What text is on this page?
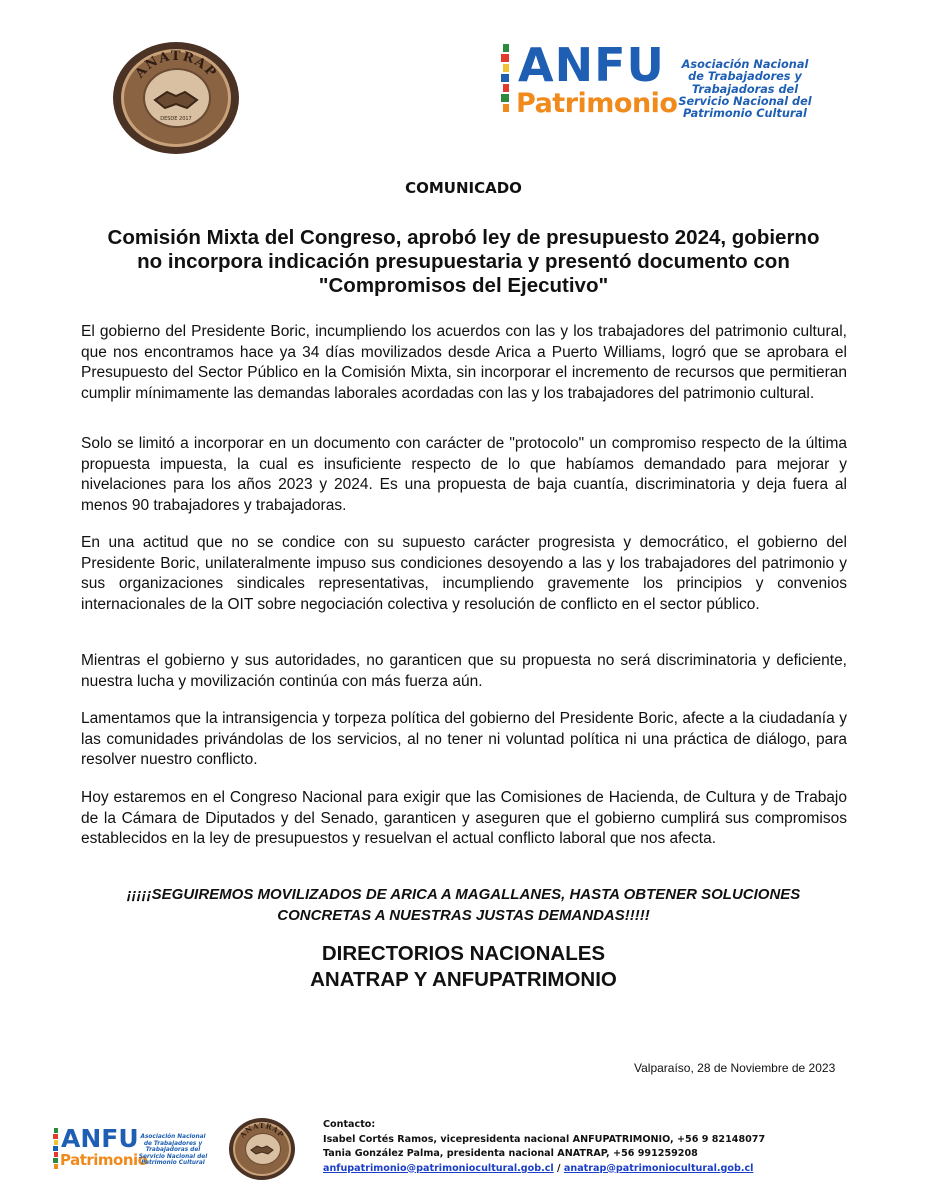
ANATRAP
DESDE 2017
ANFU
Patrimonio
Asociación Nacional
de Trabajadores y
Trabajadoras del
Servicio Nacional del
Patrimonio Cultural
COMUNICADO
Comisión Mixta del Congreso, aprobó ley de presupuesto 2024, gobierno
no incorpora indicación presupuestaria y presentó documento con
"Compromisos del Ejecutivo"
El gobierno del Presidente Boric, incumpliendo los acuerdos con las y los trabajadores del patrimonio cultural, que nos encontramos hace ya 34 días movilizados desde Arica a Puerto Williams, logró que se aprobara el Presupuesto del Sector Público en la Comisión Mixta, sin incorporar el incremento de recursos que permitieran cumplir mínimamente las demandas laborales acordadas con las y los trabajadores del patrimonio cultural.
Solo se limitó a incorporar en un documento con carácter de "protocolo" un compromiso respecto de la última propuesta impuesta, la cual es insuficiente respecto de lo que habíamos demandado para mejorar y nivelaciones para los años 2023 y 2024. Es una propuesta de baja cuantía, discriminatoria y deja fuera al menos 90 trabajadores y trabajadoras.
En una actitud que no se condice con su supuesto carácter progresista y democrático, el gobierno del Presidente Boric, unilateralmente impuso sus condiciones desoyendo a las y los trabajadores del patrimonio y sus organizaciones sindicales representativas, incumpliendo gravemente los principios y convenios internacionales de la OIT sobre negociación colectiva y resolución de conflicto en el sector público.
Mientras el gobierno y sus autoridades, no garanticen que su propuesta no será discriminatoria y deficiente, nuestra lucha y movilización continúa con más fuerza aún.
Lamentamos que la intransigencia y torpeza política del gobierno del Presidente Boric, afecte a la ciudadanía y las comunidades privándolas de los servicios, al no tener ni voluntad política ni una práctica de diálogo, para resolver nuestro conflicto.
Hoy estaremos en el Congreso Nacional para exigir que las Comisiones de Hacienda, de Cultura y de Trabajo de la Cámara de Diputados y del Senado, garanticen y aseguren que el gobierno cumplirá sus compromisos establecidos en la ley de presupuestos y resuelvan el actual conflicto laboral que nos afecta.
¡¡¡¡¡SEGUIREMOS MOVILIZADOS DE ARICA A MAGALLANES, HASTA OBTENER SOLUCIONES
CONCRETAS A NUESTRAS JUSTAS DEMANDAS!!!!!
DIRECTORIOS NACIONALES
ANATRAP Y ANFUPATRIMONIO
Valparaíso, 28 de Noviembre de 2023
ANFU
Patrimonio
Asociación Nacional
de Trabajadores y
Trabajadoras del
Servicio Nacional del
Patrimonio Cultural
ANATRAP
Contacto:
Isabel Cortés Ramos, vicepresidenta nacional ANFUPATRIMONIO, +56 9 82148077
Tania González Palma, presidenta nacional ANATRAP, +56 991259208
anfupatrimonio@patrimoniocultural.gob.cl / anatrap@patrimoniocultural.gob.cl
